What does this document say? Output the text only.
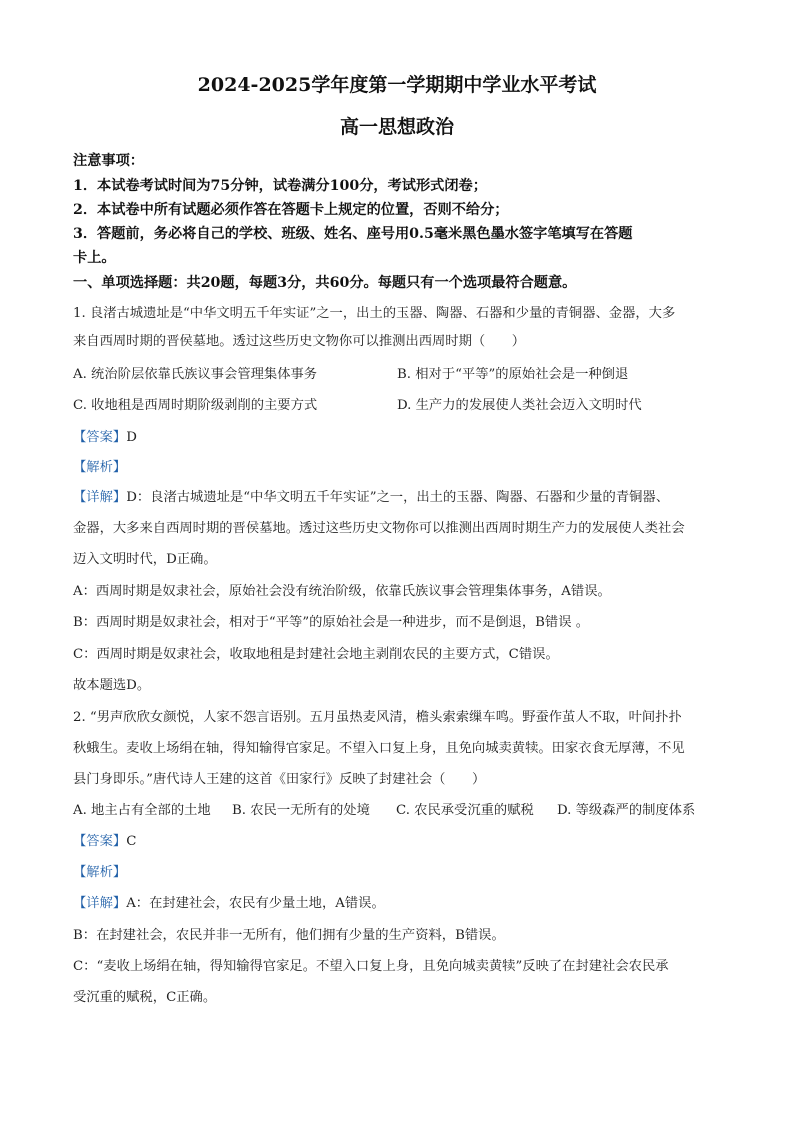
2024-2025学年度第一学期期中学业水平考试
高一思想政治
注意事项：
1．本试卷考试时间为75分钟，试卷满分100分，考试形式闭卷；
2．本试卷中所有试题必须作答在答题卡上规定的位置，否则不给分；
3．答题前，务必将自己的学校、班级、姓名、座号用0.5毫米黑色墨水签字笔填写在答题
卡上。
一、单项选择题：共20题，每题3分，共60分。每题只有一个选项最符合题意。
1. 良渚古城遗址是“中华文明五千年实证”之一，出土的玉器、陶器、石器和少量的青铜器、金器，大多
来自西周时期的晋侯墓地。透过这些历史文物你可以推测出西周时期（　　）
A. 统治阶层依靠氏族议事会管理集体事务	B. 相对于“平等”的原始社会是一种倒退
C. 收地租是西周时期阶级剥削的主要方式	D. 生产力的发展使人类社会迈入文明时代
【答案】D
【解析】
【详解】D：良渚古城遗址是“中华文明五千年实证”之一，出土的玉器、陶器、石器和少量的青铜器、
金器，大多来自西周时期的晋侯墓地。透过这些历史文物你可以推测出西周时期生产力的发展使人类社会
迈入文明时代，D正确。
A：西周时期是奴隶社会，原始社会没有统治阶级，依靠氏族议事会管理集体事务，A错误。
B：西周时期是奴隶社会，相对于“平等”的原始社会是一种进步，而不是倒退，B错误 。
C：西周时期是奴隶社会，收取地租是封建社会地主剥削农民的主要方式，C错误。
故本题选D。
2. “男声欣欣女颜悦，人家不怨言语别。五月虽热麦风清，檐头索索缫车鸣。野蚕作茧人不取，叶间扑扑
秋蛾生。麦收上场绢在轴，得知输得官家足。不望入口复上身，且免向城卖黄犊。田家衣食无厚薄，不见
县门身即乐。”唐代诗人王建的这首《田家行》反映了封建社会（　　）
A. 地主占有全部的土地 B. 农民一无所有的处境 C. 农民承受沉重的赋税 D. 等级森严的制度体系
【答案】C
【解析】
【详解】A：在封建社会，农民有少量土地，A错误。
B：在封建社会，农民并非一无所有，他们拥有少量的生产资料，B错误。
C：“麦收上场绢在轴，得知输得官家足。不望入口复上身，且免向城卖黄犊”反映了在封建社会农民承
受沉重的赋税，C正确。
